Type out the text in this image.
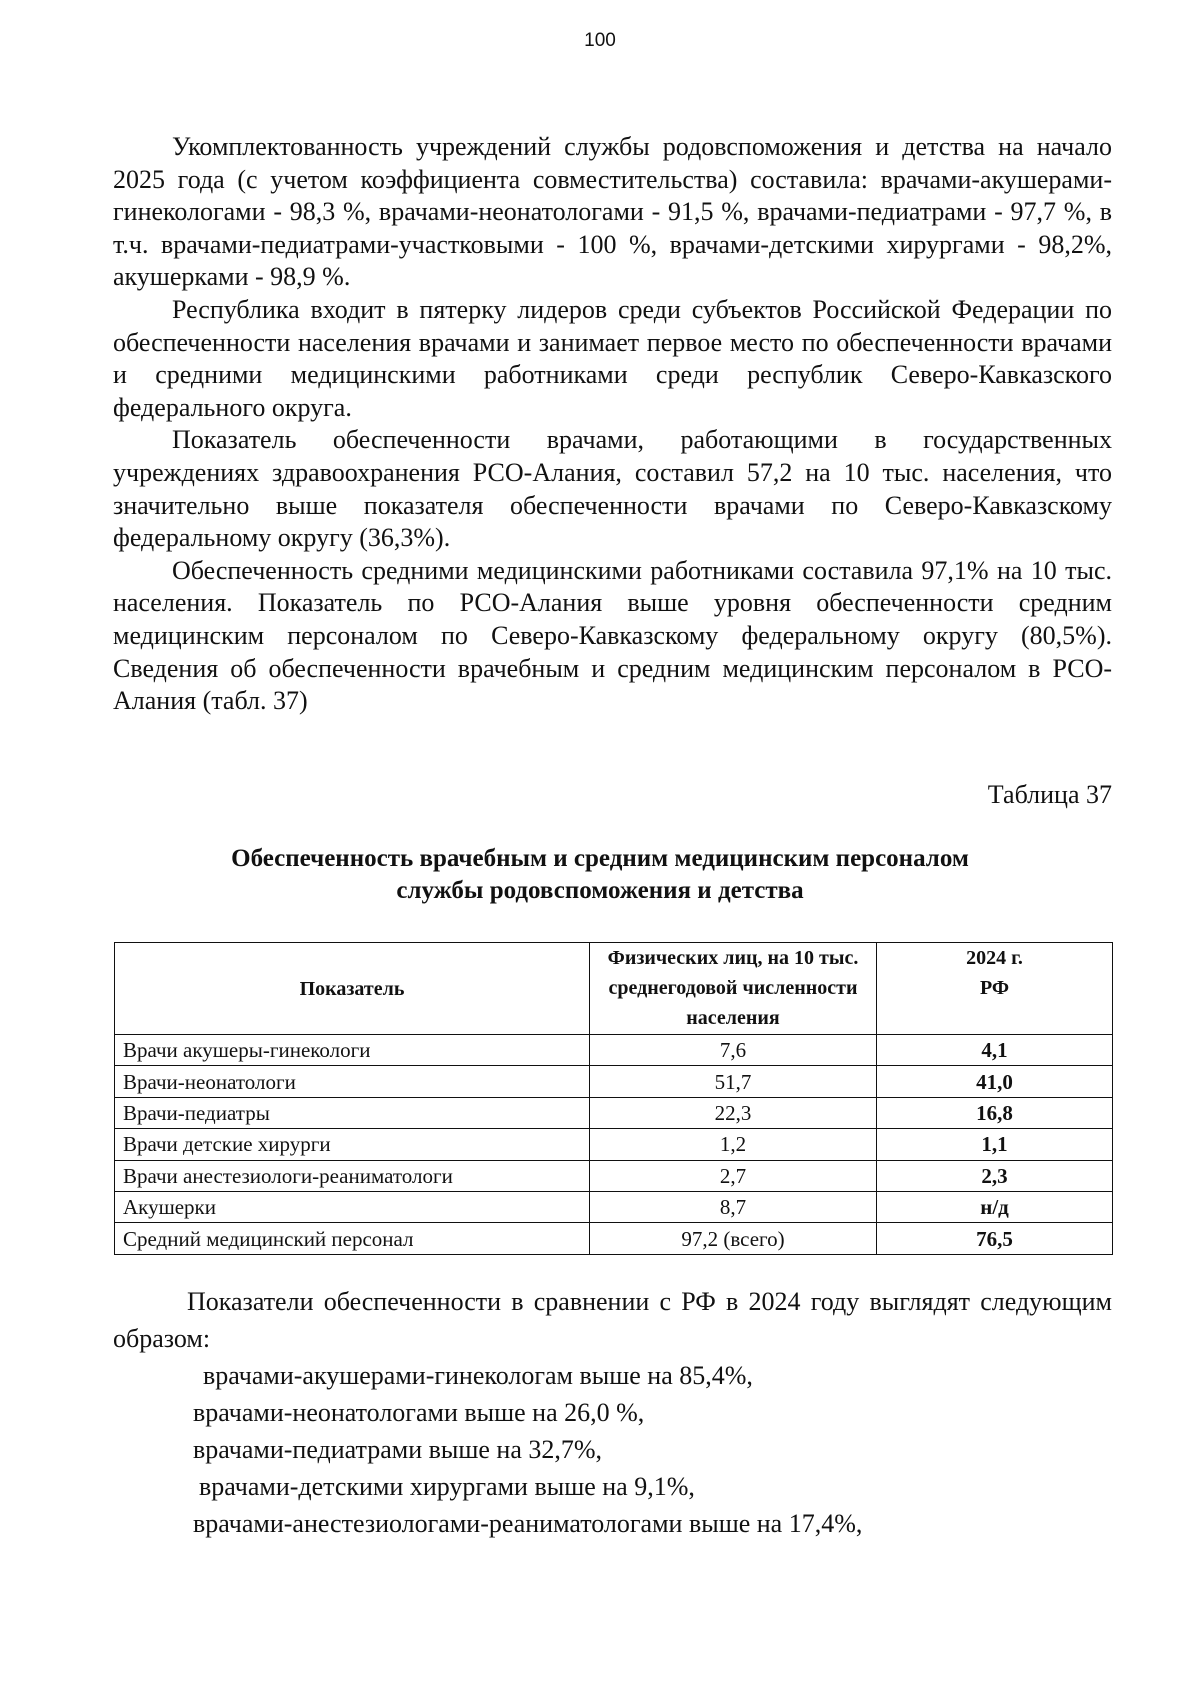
100

Укомплектованность учреждений службы родовспоможения и детства на начало 2025 года (с учетом коэффициента совместительства) составила: врачами-акушерами-гинекологами - 98,3 %, врачами-неонатологами - 91,5 %, врачами-педиатрами - 97,7 %, в т.ч. врачами-педиатрами-участковыми - 100 %, врачами-детскими хирургами - 98,2%, акушерками - 98,9 %.

Республика входит в пятерку лидеров среди субъектов Российской Федерации по обеспеченности населения врачами и занимает первое место по обеспеченности врачами и средними медицинскими работниками среди республик Северо-Кавказского федерального округа.

Показатель обеспеченности врачами, работающими в государственных учреждениях здравоохранения РСО-Алания, составил 57,2 на 10 тыс. населения, что значительно выше показателя обеспеченности врачами по Северо-Кавказскому федеральному округу (36,3%).

Обеспеченность средними медицинскими работниками составила 97,1% на 10 тыс. населения. Показатель по РСО-Алания выше уровня обеспеченности средним медицинским персоналом по Северо-Кавказскому федеральному округу (80,5%). Сведения об обеспеченности врачебным и средним медицинским персоналом в РСО-Алания (табл. 37)

Таблица 37
Обеспеченность врачебным и средним медицинским персоналом
службы родовспоможения и детства
Показатель	Физических лиц, на 10 тыс. среднегодовой численности населения	2024 г.
РФ

Врачи акушеры-гинекологи	7,6	4,1
Врачи-неонатологи	51,7	41,0
Врачи-педиатры	22,3	16,8
Врачи детские хирурги	1,2	1,1
Врачи анестезиологи-реаниматологи	2,7	2,3
Акушерки	8,7	н/д
Средний медицинский персонал	97,2 (всего)	76,5

Показатели обеспеченности в сравнении с РФ в 2024 году выглядят следующим образом:

врачами-акушерами-гинекологам выше на 85,4%,
врачами-неонатологами выше на 26,0 %,
врачами-педиатрами выше на 32,7%,
врачами-детскими хирургами выше на 9,1%,
врачами-анестезиологами-реаниматологами выше на 17,4%,
